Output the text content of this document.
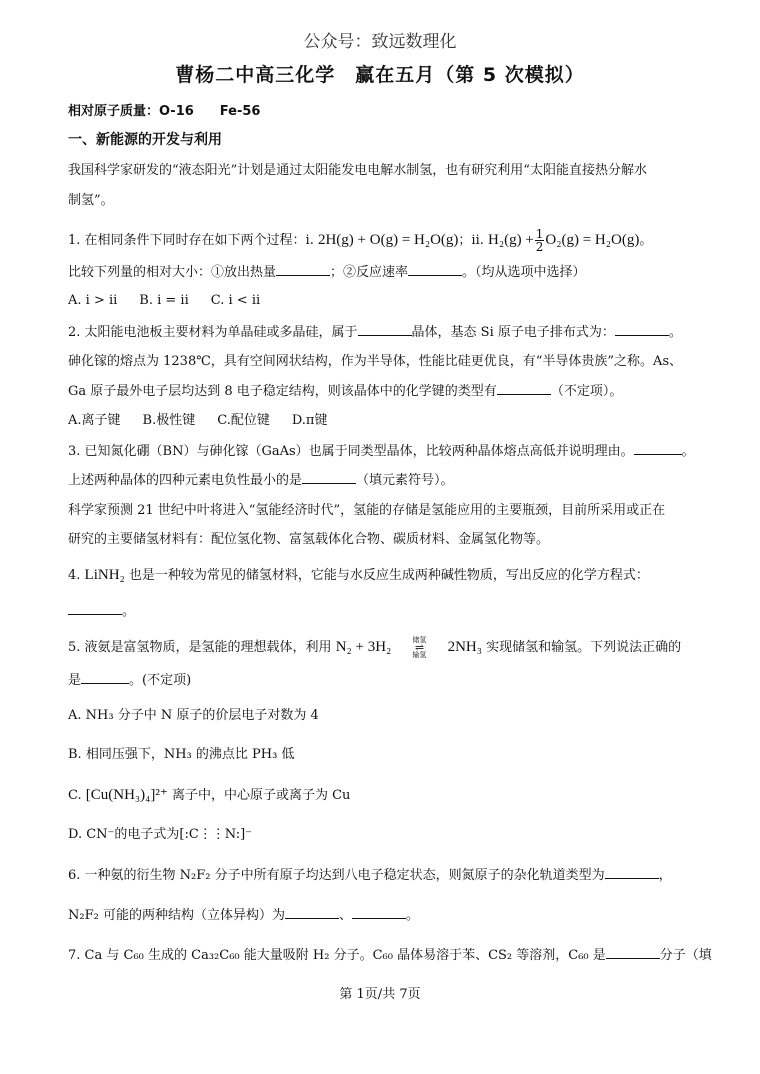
公众号：致远数理化
曹杨二中高三化学　赢在五月（第 5 次模拟）
相对原子质量：O-16　　Fe-56
一、新能源的开发与利用
我国科学家研发的“液态阳光”计划是通过太阳能发电电解水制氢，也有研究利用“太阳能直接热分解水
制氢”。
1. 在相同条件下同时存在如下两个过程：i. 2H(g) + O(g) = H₂O(g)；ii. $H_2(g) + \frac{1}{2} O_2(g) = H_2O(g)$。
比较下列量的相对大小：①放出热量	；②反应速率	。（均从选项中选择）
A. i > ii B. i = ii C. i < ii
2. 太阳能电池板主要材料为单晶硅或多晶硅，属于	晶体，基态 Si 原子电子排布式为：	。
砷化镓的熔点为 1238℃，具有空间网状结构，作为半导体，性能比硅更优良，有“半导体贵族”之称。As、
Ga 原子最外电子层均达到 8 电子稳定结构，则该晶体中的化学键的类型有	（不定项）。
A.离子键 B.极性键 C.配位键 D.π键
3. 已知氮化硼（BN）与砷化镓（GaAs）也属于同类型晶体，比较两种晶体熔点高低并说明理由。	。
上述两种晶体的四种元素电负性最小的是	（填元素符号）。
科学家预测 21 世纪中叶将进入“氢能经济时代”，氢能的存储是氢能应用的主要瓶颈，目前所采用或正在
研究的主要储氢材料有：配位氢化物、富氢载体化合物、碳质材料、金属氢化物等。
4. LiNH₂ 也是一种较为常见的储氢材料，它能与水反应生成两种碱性物质，写出反应的化学方程式：
。
5. 液氨是富氢物质，是氢能的理想载体，利用 N₂ + 3H₂	储氢
⇌
输氢 2NH₃ 实现储氢和输氢。下列说法正确的
是	。(不定项)
A. NH₃ 分子中 N 原子的价层电子对数为 4
B. 相同压强下，NH₃ 的沸点比 PH₃ 低
C. [Cu(NH₃)₄]²⁺ 离子中，中心原子或离子为 Cu
D. CN⁻的电子式为[:C⋮⋮N:]⁻
6. 一种氨的衍生物 N₂F₂ 分子中所有原子均达到八电子稳定状态，则氮原子的杂化轨道类型为	，
N₂F₂ 可能的两种结构（立体异构）为	、	。
7. Ca 与 C₆₀ 生成的 Ca₃₂C₆₀ 能大量吸附 H₂ 分子。C₆₀ 晶体易溶于苯、CS₂ 等溶剂，C₆₀ 是	分子（填
第 1页/共 7页
